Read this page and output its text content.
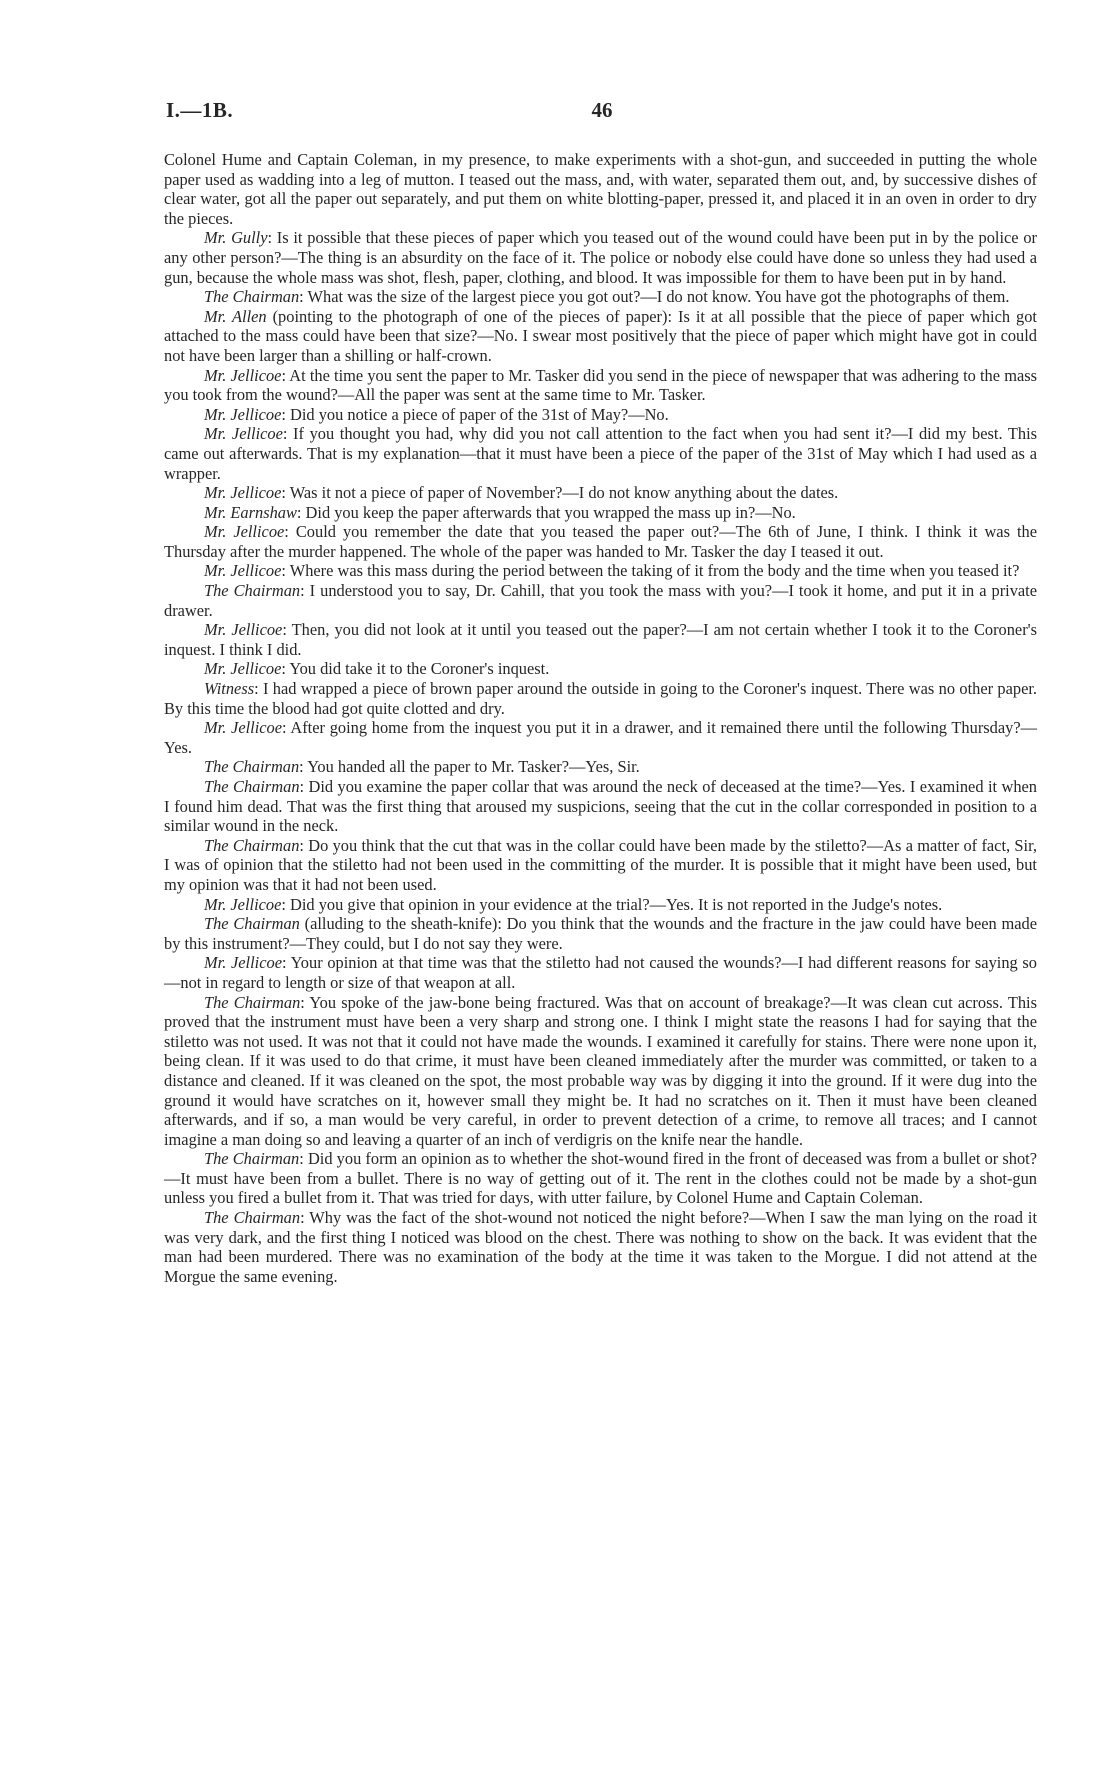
I.—1B.	46

Colonel Hume and Captain Coleman, in my presence, to make experiments with a shot-gun, and succeeded in putting the whole paper used as wadding into a leg of mutton. I teased out the mass, and, with water, separated them out, and, by successive dishes of clear water, got all the paper out separately, and put them on white blotting-paper, pressed it, and placed it in an oven in order to dry the pieces.

Mr. Gully: Is it possible that these pieces of paper which you teased out of the wound could have been put in by the police or any other person?—The thing is an absurdity on the face of it. The police or nobody else could have done so unless they had used a gun, because the whole mass was shot, flesh, paper, clothing, and blood. It was impossible for them to have been put in by hand.

The Chairman: What was the size of the largest piece you got out?—I do not know. You have got the photographs of them.

Mr. Allen (pointing to the photograph of one of the pieces of paper): Is it at all possible that the piece of paper which got attached to the mass could have been that size?—No. I swear most positively that the piece of paper which might have got in could not have been larger than a shilling or half-crown.

Mr. Jellicoe: At the time you sent the paper to Mr. Tasker did you send in the piece of newspaper that was adhering to the mass you took from the wound?—All the paper was sent at the same time to Mr. Tasker.

Mr. Jellicoe: Did you notice a piece of paper of the 31st of May?—No.

Mr. Jellicoe: If you thought you had, why did you not call attention to the fact when you had sent it?—I did my best. This came out afterwards. That is my explanation—that it must have been a piece of the paper of the 31st of May which I had used as a wrapper.

Mr. Jellicoe: Was it not a piece of paper of November?—I do not know anything about the dates.

Mr. Earnshaw: Did you keep the paper afterwards that you wrapped the mass up in?—No.

Mr. Jellicoe: Could you remember the date that you teased the paper out?—The 6th of June, I think. I think it was the Thursday after the murder happened. The whole of the paper was handed to Mr. Tasker the day I teased it out.

Mr. Jellicoe: Where was this mass during the period between the taking of it from the body and the time when you teased it?

The Chairman: I understood you to say, Dr. Cahill, that you took the mass with you?—I took it home, and put it in a private drawer.

Mr. Jellicoe: Then, you did not look at it until you teased out the paper?—I am not certain whether I took it to the Coroner's inquest. I think I did.

Mr. Jellicoe: You did take it to the Coroner's inquest.

Witness: I had wrapped a piece of brown paper around the outside in going to the Coroner's inquest. There was no other paper. By this time the blood had got quite clotted and dry.

Mr. Jellicoe: After going home from the inquest you put it in a drawer, and it remained there until the following Thursday?—Yes.

The Chairman: You handed all the paper to Mr. Tasker?—Yes, Sir.

The Chairman: Did you examine the paper collar that was around the neck of deceased at the time?—Yes. I examined it when I found him dead. That was the first thing that aroused my suspicions, seeing that the cut in the collar corresponded in position to a similar wound in the neck.

The Chairman: Do you think that the cut that was in the collar could have been made by the stiletto?—As a matter of fact, Sir, I was of opinion that the stiletto had not been used in the committing of the murder. It is possible that it might have been used, but my opinion was that it had not been used.

Mr. Jellicoe: Did you give that opinion in your evidence at the trial?—Yes. It is not reported in the Judge's notes.

The Chairman (alluding to the sheath-knife): Do you think that the wounds and the fracture in the jaw could have been made by this instrument?—They could, but I do not say they were.

Mr. Jellicoe: Your opinion at that time was that the stiletto had not caused the wounds?—I had different reasons for saying so—not in regard to length or size of that weapon at all.

The Chairman: You spoke of the jaw-bone being fractured. Was that on account of breakage?—It was clean cut across. This proved that the instrument must have been a very sharp and strong one. I think I might state the reasons I had for saying that the stiletto was not used. It was not that it could not have made the wounds. I examined it carefully for stains. There were none upon it, being clean. If it was used to do that crime, it must have been cleaned immediately after the murder was committed, or taken to a distance and cleaned. If it was cleaned on the spot, the most probable way was by digging it into the ground. If it were dug into the ground it would have scratches on it, however small they might be. It had no scratches on it. Then it must have been cleaned afterwards, and if so, a man would be very careful, in order to prevent detection of a crime, to remove all traces; and I cannot imagine a man doing so and leaving a quarter of an inch of verdigris on the knife near the handle.

The Chairman: Did you form an opinion as to whether the shot-wound fired in the front of deceased was from a bullet or shot?—It must have been from a bullet. There is no way of getting out of it. The rent in the clothes could not be made by a shot-gun unless you fired a bullet from it. That was tried for days, with utter failure, by Colonel Hume and Captain Coleman.

The Chairman: Why was the fact of the shot-wound not noticed the night before?—When I saw the man lying on the road it was very dark, and the first thing I noticed was blood on the chest. There was nothing to show on the back. It was evident that the man had been murdered. There was no examination of the body at the time it was taken to the Morgue. I did not attend at the Morgue the same evening.
